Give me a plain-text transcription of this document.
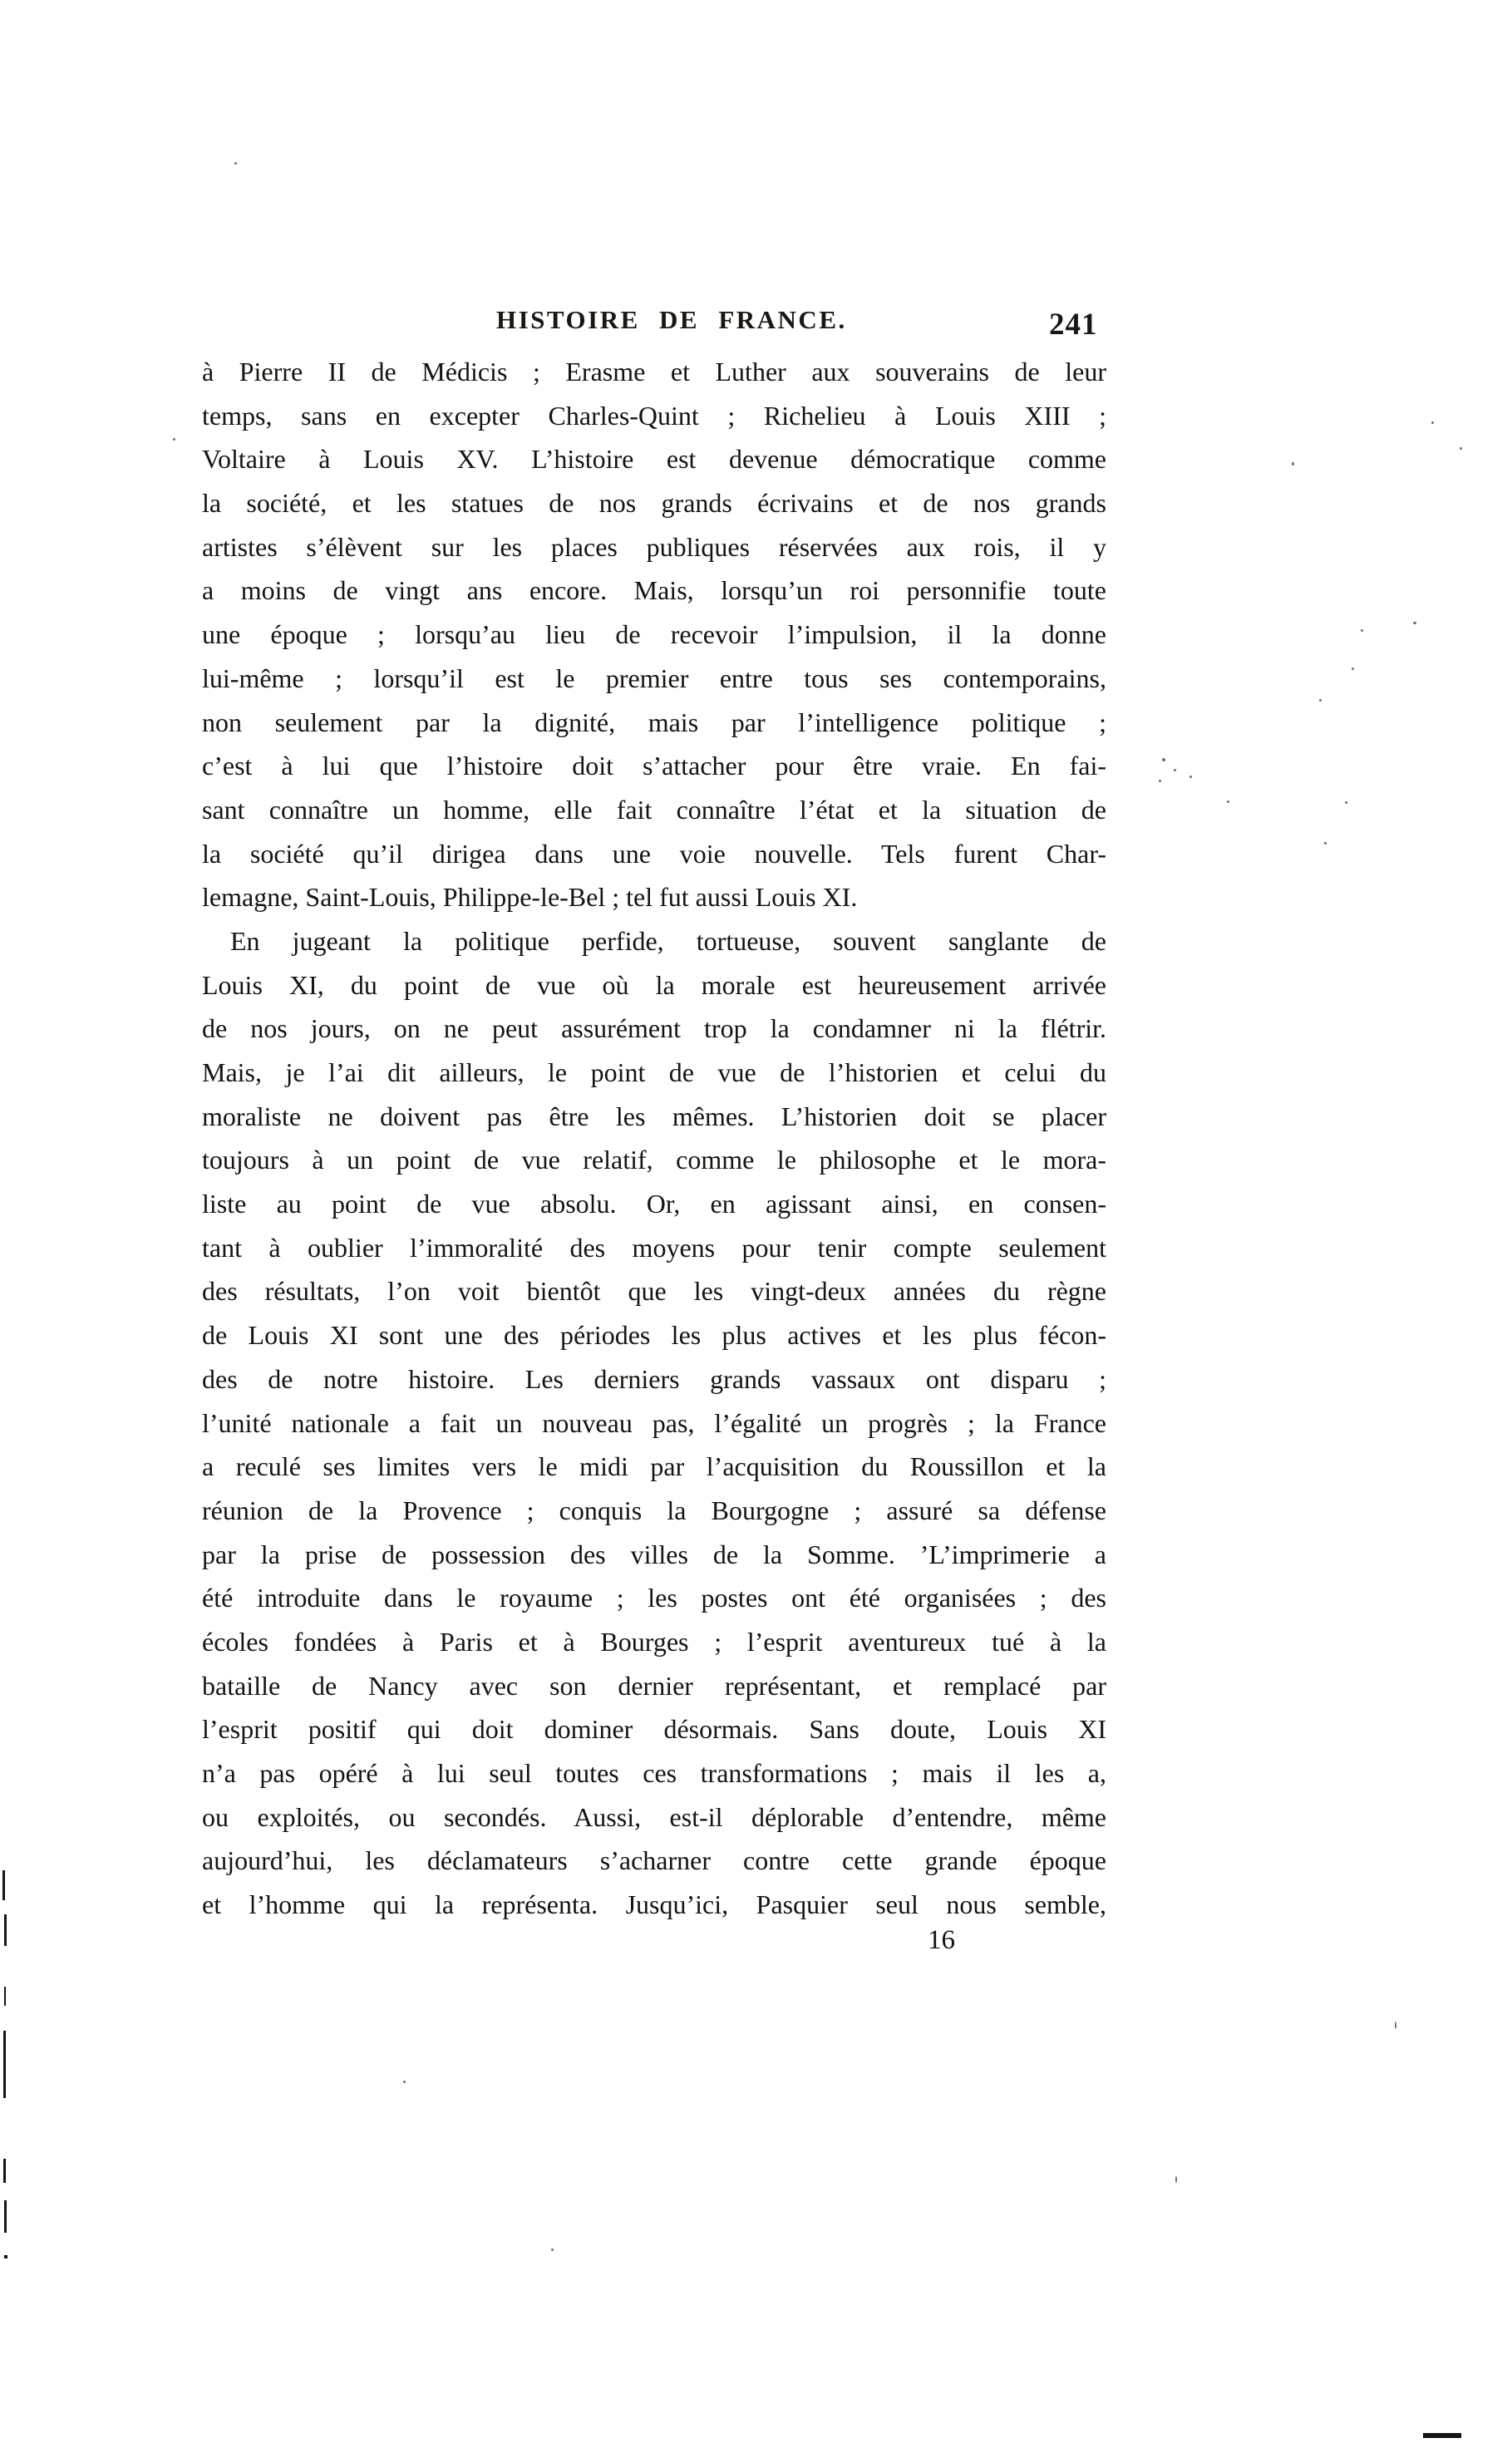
HISTOIRE DE FRANCE.	241
à Pierre II de Médicis ; Erasme et Luther aux souverains de leur
temps, sans en excepter Charles-Quint ; Richelieu à Louis XIII ;
Voltaire à Louis XV. L’histoire est devenue démocratique comme
la société, et les statues de nos grands écrivains et de nos grands
artistes s’élèvent sur les places publiques réservées aux rois, il y
a moins de vingt ans encore. Mais, lorsqu’un roi personnifie toute
une époque ; lorsqu’au lieu de recevoir l’impulsion, il la donne
lui-même ; lorsqu’il est le premier entre tous ses contemporains,
non seulement par la dignité, mais par l’intelligence politique ;
c’est à lui que l’histoire doit s’attacher pour être vraie. En fai-
sant connaître un homme, elle fait connaître l’état et la situation de
la société qu’il dirigea dans une voie nouvelle. Tels furent Char-
lemagne, Saint-Louis, Philippe-le-Bel ; tel fut aussi Louis XI.
En jugeant la politique perfide, tortueuse, souvent sanglante de
Louis XI, du point de vue où la morale est heureusement arrivée
de nos jours, on ne peut assurément trop la condamner ni la flétrir.
Mais, je l’ai dit ailleurs, le point de vue de l’historien et celui du
moraliste ne doivent pas être les mêmes. L’historien doit se placer
toujours à un point de vue relatif, comme le philosophe et le mora-
liste au point de vue absolu. Or, en agissant ainsi, en consen-
tant à oublier l’immoralité des moyens pour tenir compte seulement
des résultats, l’on voit bientôt que les vingt-deux années du règne
de Louis XI sont une des périodes les plus actives et les plus fécon-
des de notre histoire. Les derniers grands vassaux ont disparu ;
l’unité nationale a fait un nouveau pas, l’égalité un progrès ; la France
a reculé ses limites vers le midi par l’acquisition du Roussillon et la
réunion de la Provence ; conquis la Bourgogne ; assuré sa défense
par la prise de possession des villes de la Somme. ’L’imprimerie a
été introduite dans le royaume ; les postes ont été organisées ; des
écoles fondées à Paris et à Bourges ; l’esprit aventureux tué à la
bataille de Nancy avec son dernier représentant, et remplacé par
l’esprit positif qui doit dominer désormais. Sans doute, Louis XI
n’a pas opéré à lui seul toutes ces transformations ; mais il les a,
ou exploités, ou secondés. Aussi, est-il déplorable d’entendre, même
aujourd’hui, les déclamateurs s’acharner contre cette grande époque
et l’homme qui la représenta. Jusqu’ici, Pasquier seul nous semble,
16
